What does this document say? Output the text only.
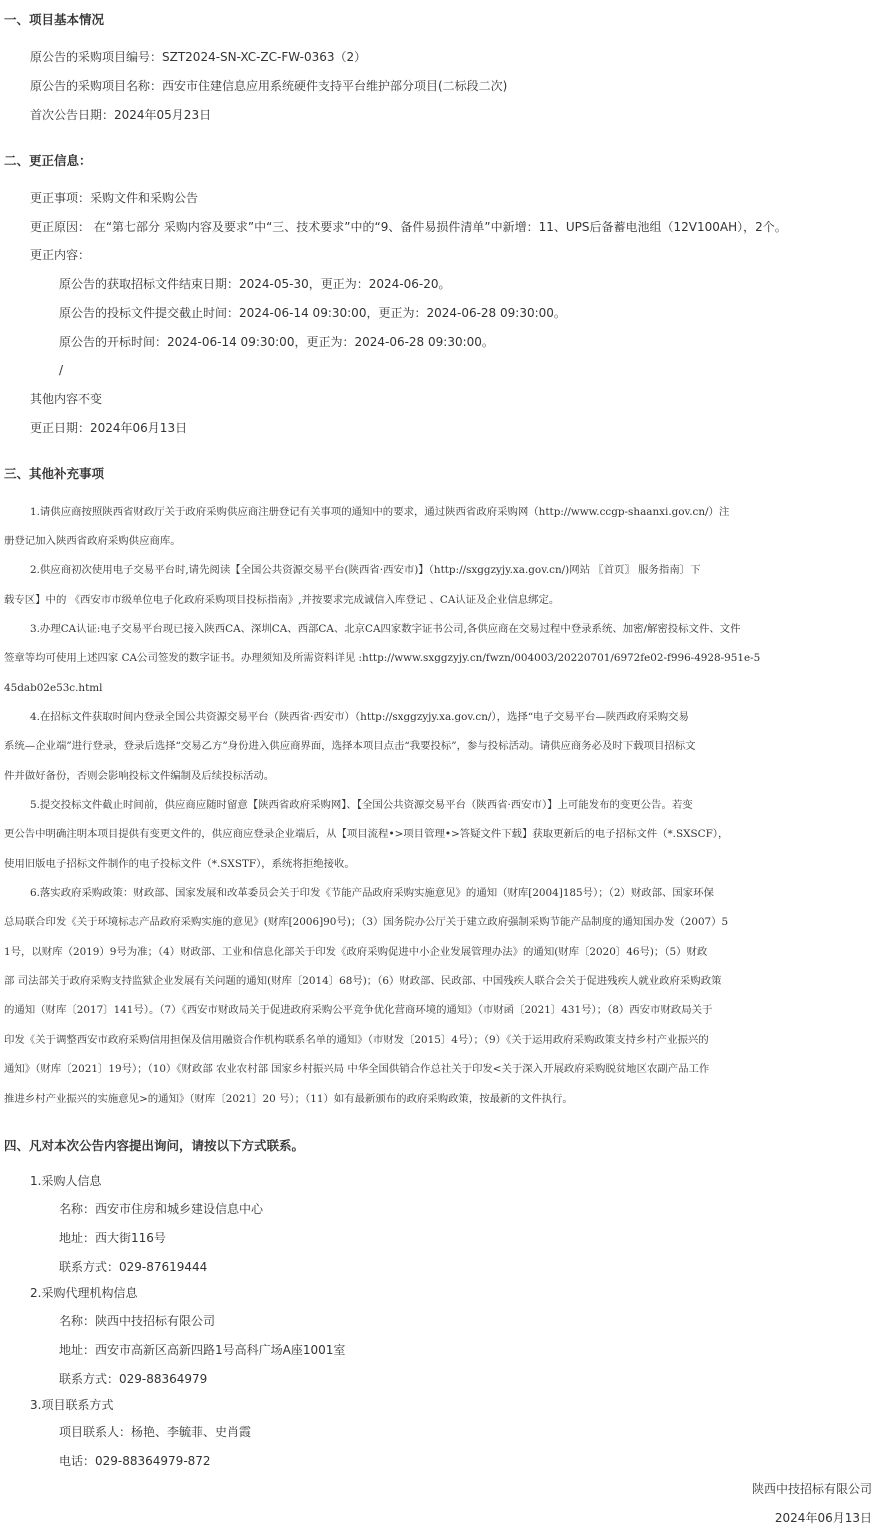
一、项目基本情况
原公告的采购项目编号：SZT2024-SN-XC-ZC-FW-0363（2）
原公告的采购项目名称：西安市住建信息应用系统硬件支持平台维护部分项目(二标段二次)
首次公告日期：2024年05月23日
二、更正信息：
更正事项：采购文件和采购公告
更正原因： 在“第七部分 采购内容及要求”中“三、技术要求”中的“9、备件易损件清单”中新增：11、UPS后备蓄电池组（12V100AH），2个。
更正内容：
原公告的获取招标文件结束日期：2024-05-30，更正为：2024-06-20。
原公告的投标文件提交截止时间：2024-06-14 09:30:00，更正为：2024-06-28 09:30:00。
原公告的开标时间：2024-06-14 09:30:00，更正为：2024-06-28 09:30:00。
/
其他内容不变
更正日期：2024年06月13日
三、其他补充事项
1.请供应商按照陕西省财政厅关于政府采购供应商注册登记有关事项的通知中的要求，通过陕西省政府采购网（http://www.ccgp-shaanxi.gov.cn/）注
册登记加入陕西省政府采购供应商库。
2.供应商初次使用电子交易平台时,请先阅读【全国公共资源交易平台(陕西省·西安市)】（http://sxggzyjy.xa.gov.cn/)网站 〖首页〗 服务指南〕下
载专区】中的 《西安市市级单位电子化政府采购项目投标指南》,并按要求完成诚信入库登记 、CA认证及企业信息绑定。
3.办理CA认证:电子交易平台现已接入陕西CA、深圳CA、西部CA、北京CA四家数字证书公司,各供应商在交易过程中登录系统、加密/解密投标文件、文件
签章等均可使用上述四家 CA公司签发的数字证书。办理须知及所需资料详见 :http://www.sxggzyjy.cn/fwzn/004003/20220701/6972fe02-f996-4928-951e-5
45dab02e53c.html
4.在招标文件获取时间内登录全国公共资源交易平台（陕西省·西安市）（http://sxggzyjy.xa.gov.cn/），选择“电子交易平台—陕西政府采购交易
系统—企业端”进行登录，登录后选择“交易乙方”身份进入供应商界面，选择本项目点击“我要投标”，参与投标活动。请供应商务必及时下载项目招标文
件并做好备份，否则会影响投标文件编制及后续投标活动。
5.提交投标文件截止时间前，供应商应随时留意【陕西省政府采购网】、【全国公共资源交易平台（陕西省·西安市）】上可能发布的变更公告。若变
更公告中明确注明本项目提供有变更文件的，供应商应登录企业端后，从【项目流程•>项目管理•>答疑文件下载】获取更新后的电子招标文件（*.SXSCF），
使用旧版电子招标文件制作的电子投标文件（*.SXSTF），系统将拒绝接收。
6.落实政府采购政策：财政部、国家发展和改革委员会关于印发《节能产品政府采购实施意见》的通知（财库[2004]185号）；（2）财政部、国家环保
总局联合印发《关于环境标志产品政府采购实施的意见》(财库[2006]90号)；（3）国务院办公厅关于建立政府强制采购节能产品制度的通知国办发（2007）5
1号，以财库（2019）9号为准；（4）财政部、工业和信息化部关于印发《政府采购促进中小企业发展管理办法》的通知(财库〔2020〕46号)；（5）财政
部 司法部关于政府采购支持监狱企业发展有关问题的通知(财库〔2014〕68号)；（6）财政部、民政部、中国残疾人联合会关于促进残疾人就业政府采购政策
的通知（财库〔2017〕141号）。（7）《西安市财政局关于促进政府采购公平竞争优化营商环境的通知》（市财函〔2021〕431号）；（8）西安市财政局关于
印发《关于调整西安市政府采购信用担保及信用融资合作机构联系名单的通知》（市财发〔2015〕4号）；（9）《关于运用政府采购政策支持乡村产业振兴的
通知》（财库〔2021〕19号）；（10）《财政部 农业农村部 国家乡村振兴局 中华全国供销合作总社关于印发<关于深入开展政府采购脱贫地区农副产品工作
推进乡村产业振兴的实施意见>的通知》（财库〔2021〕20 号）；（11）如有最新颁布的政府采购政策，按最新的文件执行。
四、凡对本次公告内容提出询问，请按以下方式联系。
1.采购人信息
名称：西安市住房和城乡建设信息中心
地址：西大街116号
联系方式：029-87619444
2.采购代理机构信息
名称：陕西中技招标有限公司
地址：西安市高新区高新四路1号高科广场A座1001室
联系方式：029-88364979
3.项目联系方式
项目联系人：杨艳、李毓菲、史肖霞
电话：029-88364979-872
陕西中技招标有限公司
2024年06月13日
